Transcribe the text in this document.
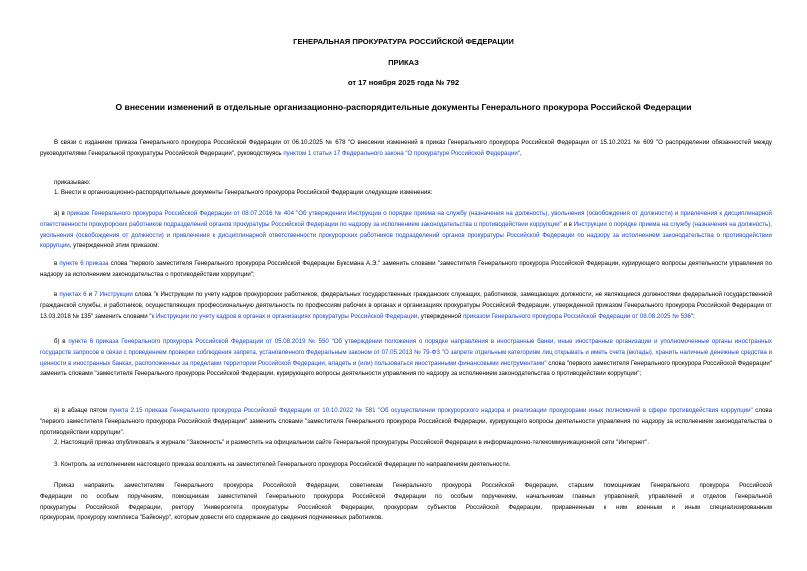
ГЕНЕРАЛЬНАЯ ПРОКУРАТУРА РОССИЙСКОЙ ФЕДЕРАЦИИ
ПРИКАЗ
от 17 ноября 2025 года № 792
О внесении изменений в отдельные организационно-распорядительные документы Генерального прокурора Российской Федерации

В связи с изданием приказа Генерального прокурора Российской Федерации от 06.10.2025 № 678 "О внесении изменений в приказ Генерального прокурора Российской Федерации от 15.10.2021 № 609 "О распределении обязанностей между руководителями Генеральной прокуратуры Российской Федерации", руководствуясь пунктом 1 статьи 17 Федерального закона "О прокуратуре Российской Федерации",

приказываю:

1. Внести в организационно-распорядительные документы Генерального прокурора Российской Федерации следующие изменения:

а) в приказе Генерального прокурора Российской Федерации от 08.07.2016 № 404 "Об утверждении Инструкции о порядке приема на службу (назначения на должность), увольнения (освобождения от должности) и привлечения к дисциплинарной ответственности прокурорских работников подразделений органов прокуратуры Российской Федерации по надзору за исполнением законодательства о противодействии коррупции" и в Инструкции о порядке приема на службу (назначения на должность), увольнения (освобождения от должности) и привлечения к дисциплинарной ответственности прокурорских работников подразделений органов прокуратуры Российской Федерации по надзору за исполнением законодательства о противодействии коррупции, утвержденной этим приказом:

в пункте 6 приказа слова "первого заместителя Генерального прокурора Российской Федерации Буксмана А.Э." заменить словами "заместителя Генерального прокурора Российской Федерации, курирующего вопросы деятельности управления по надзору за исполнением законодательства о противодействии коррупции";

в пунктах 6 и 7 Инструкции слова "к Инструкции по учету кадров прокурорских работников, федеральных государственных гражданских служащих, работников, замещающих должности, не являющиеся должностями федеральной государственной гражданской службы, и работников, осуществляющих профессиональную деятельность по профессиям рабочих в органах и организациях прокуратуры Российской Федерации, утвержденной приказом Генерального прокурора Российской Федерации от 13.03.2018 № 135" заменить словами "к Инструкции по учету кадров в органах и организациях прокуратуры Российской Федерации, утвержденной приказом Генерального прокурора Российской Федерации от 08.08.2025 № 536";

б) в пункте 6 приказа Генерального прокурора Российской Федерации от 05.08.2019 № 550 "Об утверждении положения о порядке направления в иностранные банки, иные иностранные организации и уполномоченные органы иностранных государств запросов в связи с проведением проверки соблюдения запрета, установленного Федеральным законом от 07.05.2013 № 79-ФЗ "О запрете отдельным категориям лиц открывать и иметь счета (вклады), хранить наличные денежные средства и ценности в иностранных банках, расположенных за пределами территории Российской Федерации, владеть и (или) пользоваться иностранными финансовыми инструментами" слова "первого заместителя Генерального прокурора Российской Федерации" заменить словами "заместителя Генерального прокурора Российской Федерации, курирующего вопросы деятельности управления по надзору за исполнением законодательства о противодействии коррупции";

в) в абзаце пятом пункта 2.15 приказа Генерального прокурора Российской Федерации от 10.10.2022 № 581 "Об осуществлении прокурорского надзора и реализации прокурорами иных полномочий в сфере противодействия коррупции" слова "первого заместителя Генерального прокурора Российской Федерации" заменить словами "заместителя Генерального прокурора Российской Федерации, курирующего вопросы деятельности управления по надзору за исполнением законодательства о противодействии коррупции".

2. Настоящий приказ опубликовать в журнале "Законность" и разместить на официальном сайте Генеральной прокуратуры Российской Федерации в информационно-телекоммуникационной сети "Интернет".

3. Контроль за исполнением настоящего приказа возложить на заместителей Генерального прокурора Российской Федерации по направлениям деятельности.

Приказ направить заместителям Генерального прокурора Российской Федерации, советникам Генерального прокурора Российской Федерации, старшим помощникам Генерального прокурора Российской
Федерации по особым поручениям, помощникам заместителей Генерального прокурора Российской Федерации по особым поручениям, начальникам главных управлений, управлений и отделов Генеральной
прокуратуры Российской Федерации, ректору Университета прокуратуры Российской Федерации, прокурорам субъектов Российской Федерации, приравненным к ним военным и иным специализированным
прокурорам, прокурору комплекса "Байконур", которым довести его содержание до сведения подчиненных работников.
